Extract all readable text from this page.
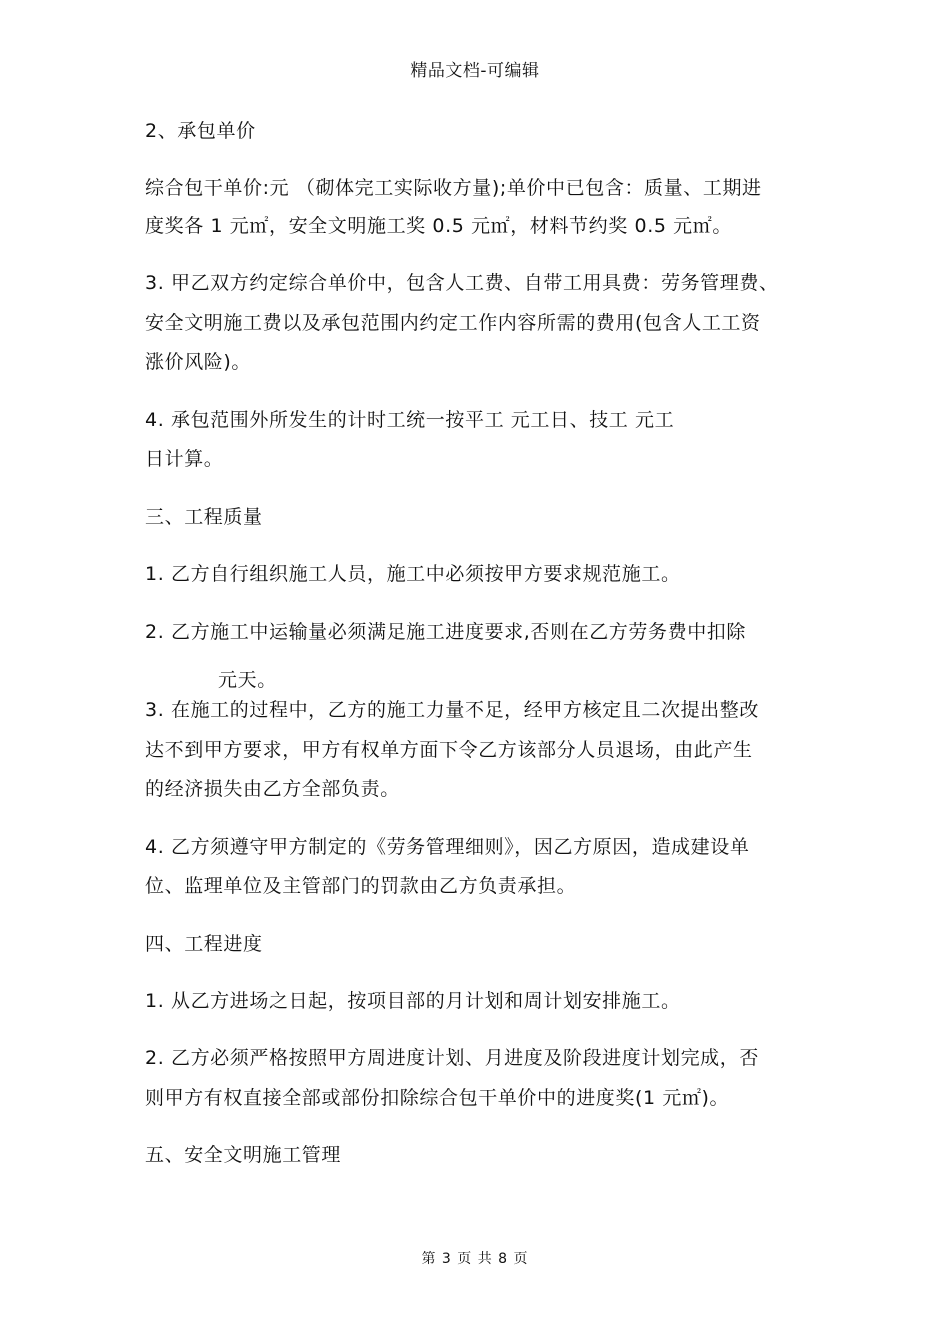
精品文档-可编辑
2、承包单价
综合包干单价:元 （砌体完工实际收方量);单价中已包含：质量、工期进
度奖各 1 元㎡，安全文明施工奖 0.5 元㎡，材料节约奖 0.5 元㎡。
3. 甲乙双方约定综合单价中，包含人工费、自带工用具费：劳务管理费、
安全文明施工费以及承包范围内约定工作内容所需的费用(包含人工工资
涨价风险)。
4. 承包范围外所发生的计时工统一按平工 元工日、技工 元工
日计算。
三、工程质量
1. 乙方自行组织施工人员，施工中必须按甲方要求规范施工。
2. 乙方施工中运输量必须满足施工进度要求,否则在乙方劳务费中扣除
元天。
3. 在施工的过程中，乙方的施工力量不足，经甲方核定且二次提出整改
达不到甲方要求，甲方有权单方面下令乙方该部分人员退场，由此产生
的经济损失由乙方全部负责。
4. 乙方须遵守甲方制定的《劳务管理细则》，因乙方原因，造成建设单
位、监理单位及主管部门的罚款由乙方负责承担。
四、工程进度
1. 从乙方进场之日起，按项目部的月计划和周计划安排施工。
2. 乙方必须严格按照甲方周进度计划、月进度及阶段进度计划完成，否
则甲方有权直接全部或部份扣除综合包干单价中的进度奖(1 元㎡)。
五、安全文明施工管理
第 3 页 共 8 页
